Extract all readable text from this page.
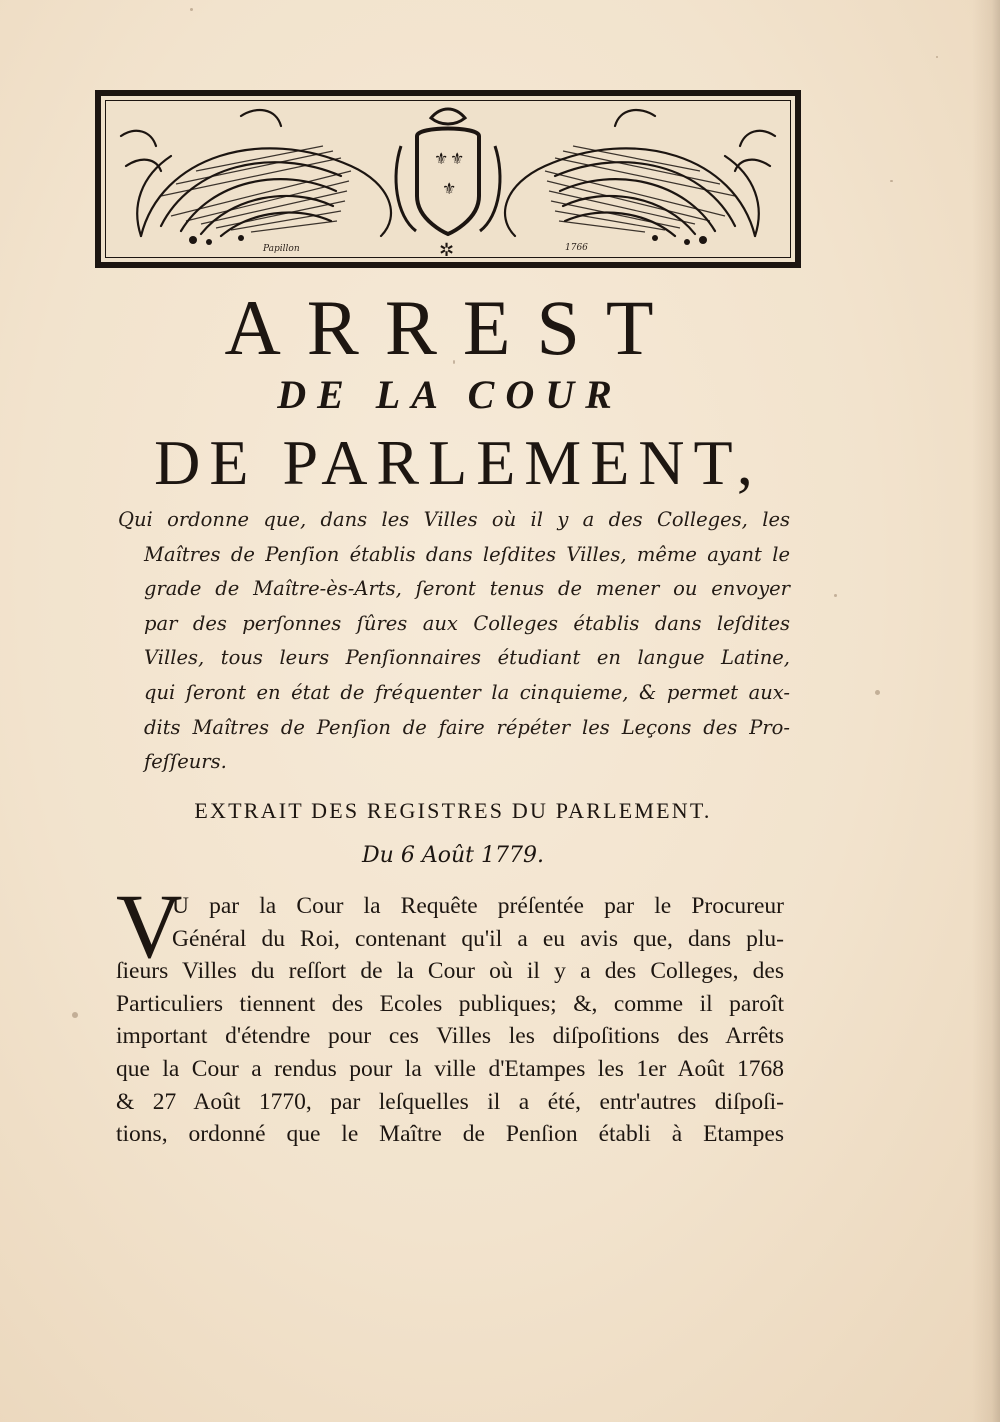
⚜ ⚜
⚜
✲
Papillon	1766
ARREST
DE LA COUR
DE PARLEMENT,
Qui ordonne que, dans les Villes où il y a des Colleges, les
Maîtres de Penſion établis dans leſdites Villes, même ayant le
grade de Maître-ès-Arts, ſeront tenus de mener ou envoyer
par des perſonnes ſûres aux Colleges établis dans leſdites
Villes, tous leurs Penſionnaires étudiant en langue Latine,
qui ſeront en état de fréquenter la cinquieme, & permet aux-
dits Maîtres de Penſion de faire répéter les Leçons des Pro-
feſſeurs.
EXTRAIT DES REGISTRES DU PARLEMENT.
Du 6 Août 1779.
V
U par la Cour la Requête préſentée par le Procureur
Général du Roi, contenant qu'il a eu avis que, dans plu-
ſieurs Villes du reſſort de la Cour où il y a des Colleges, des
Particuliers tiennent des Ecoles publiques; &, comme il paroît
important d'étendre pour ces Villes les diſpoſitions des Arrêts
que la Cour a rendus pour la ville d'Etampes les 1er Août 1768
& 27 Août 1770, par leſquelles il a été, entr'autres diſpoſi-
tions, ordonné que le Maître de Penſion établi à Etampes
